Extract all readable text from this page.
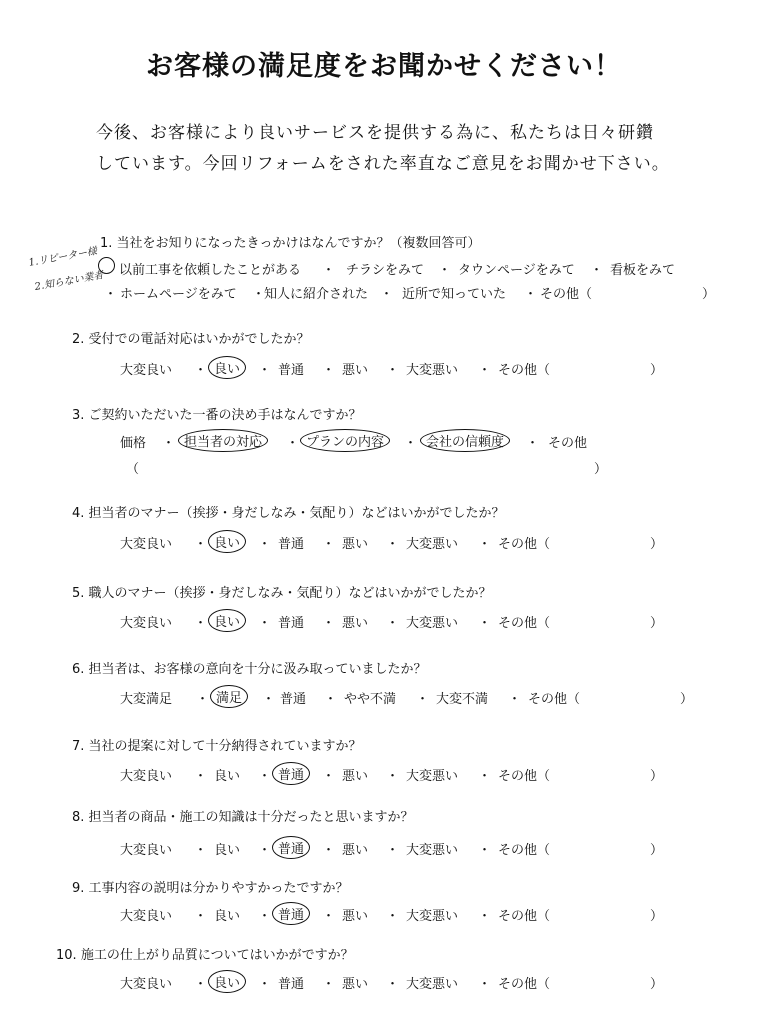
お客様の満足度をお聞かせください！
今後、お客様により良いサービスを提供する為に、私たちは日々研鑽
しています。今回リフォームをされた率直なご意見をお聞かせ下さい。
1. 当社をお知りになったきっかけはなんですか？（複数回答可）
1.リピーター様
2.知らない業者 以前工事を依頼したことがある ・ チラシをみて ・ タウンページをみて ・ 看板をみて
・ ホームページをみて ・
知人に紹介された ・ 近所で知っていた ・ その他（	）
2. 受付での電話対応はいかがでしたか？
大変良い ・ 良い	・ 普通 ・ 悪い ・ 大変悪い ・ その他（	）
3. ご契約いただいた一番の決め手はなんですか？
価格 ・ 担当者の対応	・ プランの内容	・ 会社の信頼度	・ その他
（	）
4. 担当者のマナー（挨拶・身だしなみ・気配り）などはいかがでしたか？
大変良い ・ 良い	・ 普通 ・ 悪い ・ 大変悪い ・ その他（	）
5. 職人のマナー（挨拶・身だしなみ・気配り）などはいかがでしたか？
大変良い ・ 良い	・ 普通 ・ 悪い ・ 大変悪い ・ その他（	）
6. 担当者は、お客様の意向を十分に汲み取っていましたか？
大変満足 ・ 満足	・ 普通 ・ やや不満 ・ 大変不満 ・ その他（	）
7. 当社の提案に対して十分納得されていますか？
大変良い ・ 良い ・ 普通	・ 悪い ・ 大変悪い ・ その他（	）
8. 担当者の商品・施工の知識は十分だったと思いますか？
大変良い ・ 良い ・ 普通	・ 悪い ・ 大変悪い ・ その他（	）
9. 工事内容の説明は分かりやすかったですか？
大変良い ・ 良い ・ 普通	・ 悪い ・ 大変悪い ・ その他（	）
10. 施工の仕上がり品質についてはいかがですか？
大変良い ・ 良い	・ 普通 ・ 悪い ・ 大変悪い ・ その他（	）
